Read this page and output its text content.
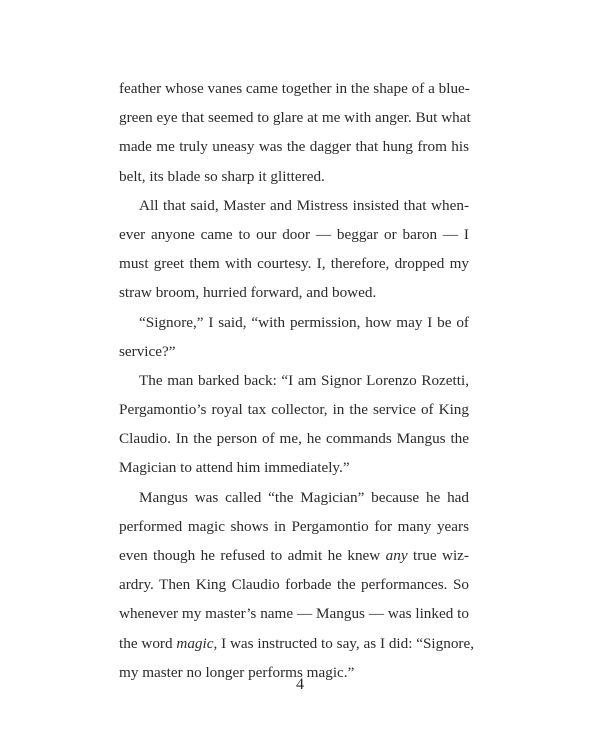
feather whose vanes came together in the shape of a blue-
green eye that seemed to glare at me with anger. But what
made me truly uneasy was the dagger that hung from his
belt, its blade so sharp it glittered.

All that said, Master and Mistress insisted that when-
ever anyone came to our door — beggar or baron — I
must greet them with courtesy. I, therefore, dropped my
straw broom, hurried forward, and bowed.

“Signore,” I said, “with permission, how may I be of
service?”

The man barked back: “I am Signor Lorenzo Rozetti,
Pergamontio’s royal tax collector, in the service of King
Claudio. In the person of me, he commands Mangus the
Magician to attend him immediately.”

Mangus was called “the Magician” because he had
performed magic shows in Pergamontio for many years
even though he refused to admit he knew any true wiz-
ardry. Then King Claudio forbade the performances. So
whenever my master’s name — Mangus — was linked to
the word magic, I was instructed to say, as I did: “Signore,
my master no longer performs magic.”

4
